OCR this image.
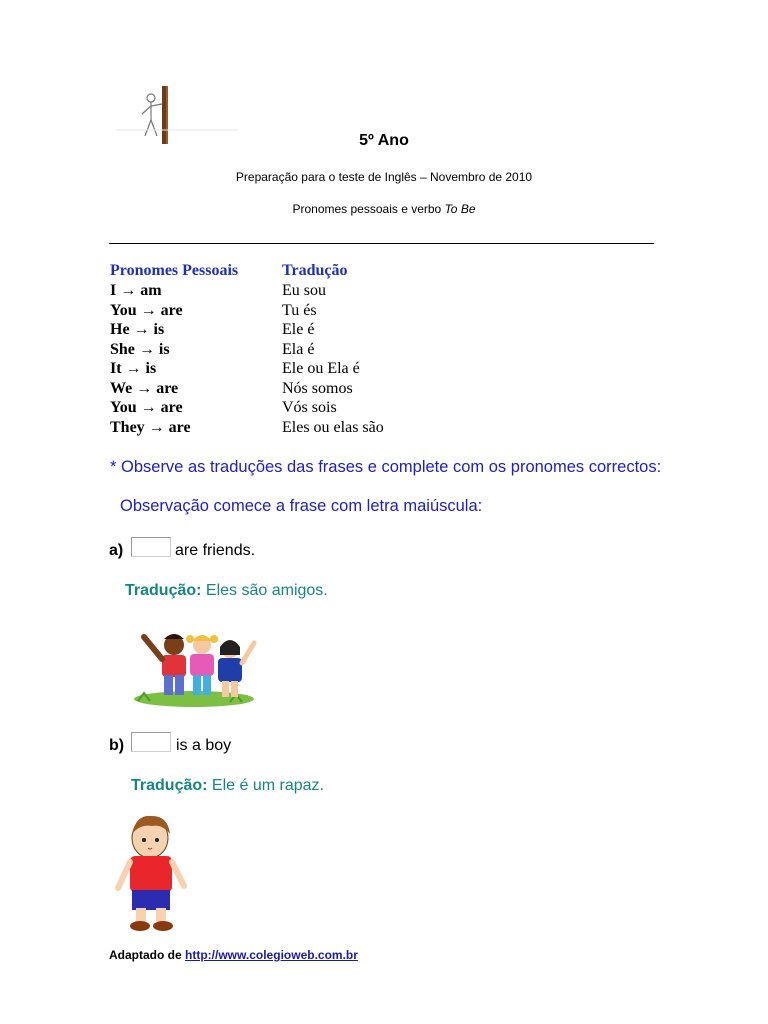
5º Ano
Preparação para o teste de Inglês – Novembro de 2010
Pronomes pessoais e verbo To Be
Pronomes Pessoais	Tradução
I → am	Eu sou
You → are	Tu és
He → is	Ele é
She → is	Ela é
It → is	Ele ou Ela é
We → are	Nós somos
You → are	Vós sois
They → are	Eles ou elas são
* Observe as traduções das frases e complete com os pronomes correctos:
Observação comece a frase com letra maiúscula:
a)	are friends.
Tradução: Eles são amigos.
b)	is a boy
Tradução: Ele é um rapaz.
Adaptado de http://www.colegioweb.com.br
